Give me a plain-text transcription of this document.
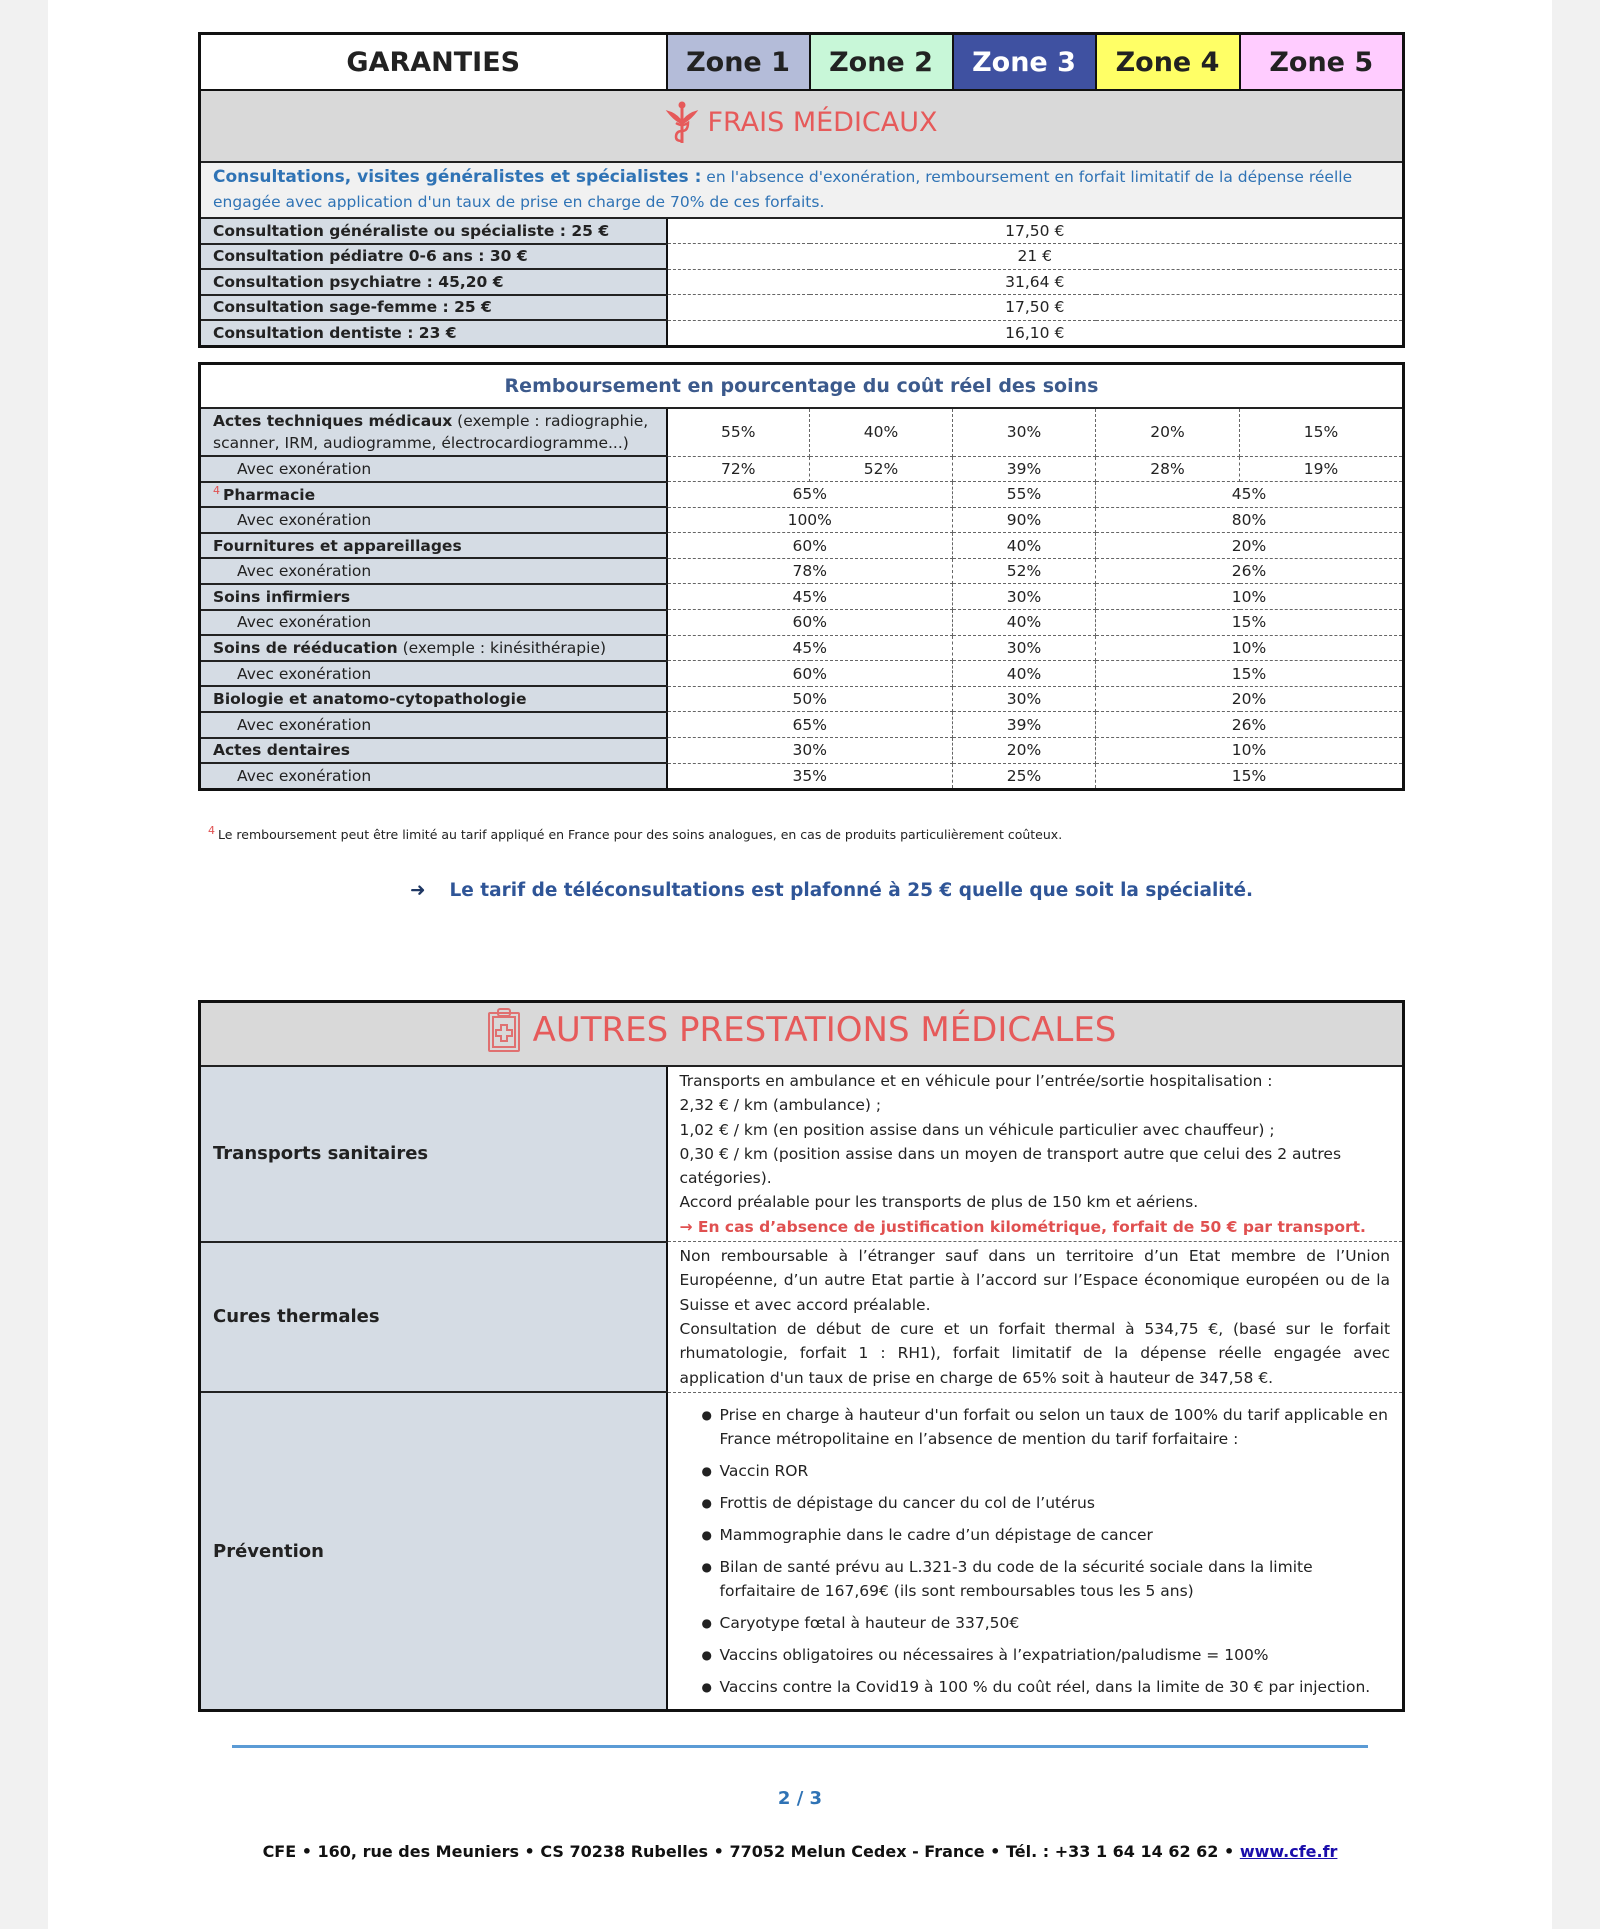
GARANTIES	Zone 1	Zone 2	Zone 3	Zone 4	Zone 5

FRAIS MÉDICAUX					

Consultations, visites généralistes et spécialistes : en l'absence d'exonération, remboursement en forfait limitatif de la dépense réelle engagée avec application d'un taux de prise en charge de 70% de ces forfaits.					
Consultation généraliste ou spécialiste : 25 €	17,50 €				
Consultation pédiatre 0-6 ans : 30 €	21 €				
Consultation psychiatre : 45,20 €	31,64 €				
Consultation sage-femme : 25 €	17,50 €				
Consultation dentiste : 23 €	16,10 €				
Remboursement en pourcentage du coût réel des soins					
Actes techniques médicaux (exemple : radiographie, scanner, IRM, audiogramme, électrocardiogramme...)	55%	40%	30%	20%	15%
Avec exonération	72%	52%	39%	28%	19%
$^4$ Pharmacie	65%		55%	45%	
Avec exonération	100%		90%	80%	
Fournitures et appareillages	60%		40%	20%	
Avec exonération	78%		52%	26%	
Soins infirmiers	45%		30%	10%	
Avec exonération	60%		40%	15%	
Soins de rééducation (exemple : kinésithérapie)	45%		30%	10%	
Avec exonération	60%		40%	15%	
Biologie et anatomo-cytopathologie	50%		30%	20%	
Avec exonération	65%		39%	26%	
Actes dentaires	30%		20%	10%	
Avec exonération	35%		25%	15%	
4 Le remboursement peut être limité au tarif appliqué en France pour des soins analogues, en cas de produits particulièrement coûteux.
➜ Le tarif de téléconsultations est plafonné à 25 € quelle que soit la spécialité.
AUTRES PRESTATIONS MÉDICALES	

Transports sanitaires	
Transports en ambulance et en véhicule pour l’entrée/sortie hospitalisation :
2,32 € / km (ambulance) ;
1,02 € / km (en position assise dans un véhicule particulier avec chauffeur) ;
0,30 € / km (position assise dans un moyen de transport autre que celui des 2 autres catégories).
Accord préalable pour les transports de plus de 150 km et aériens.
→ En cas d’absence de justification kilométrique, forfait de 50 € par transport.

Cures thermales	Non remboursable à l’étranger sauf dans un territoire d’un Etat membre de l’Union Européenne, d’un autre Etat partie à l’accord sur l’Espace économique européen ou de la Suisse et avec accord préalable.
Consultation de début de cure et un forfait thermal à 534,75 €, (basé sur le forfait rhumatologie, forfait 1 : RH1), forfait limitatif de la dépense réelle engagée avec application d'un taux de prise en charge de 65% soit à hauteur de 347,58 €.

Prévention	
● Prise en charge à hauteur d'un forfait ou selon un taux de 100% du tarif applicable en France métropolitaine en l’absence de mention du tarif forfaitaire :
● Vaccin ROR
● Frottis de dépistage du cancer du col de l’utérus
● Mammographie dans le cadre d’un dépistage de cancer
● Bilan de santé prévu au L.321-3 du code de la sécurité sociale dans la limite forfaitaire de 167,69€ (ils sont remboursables tous les 5 ans)
● Caryotype fœtal à hauteur de 337,50€
● Vaccins obligatoires ou nécessaires à l’expatriation/paludisme = 100%
● Vaccins contre la Covid19 à 100 % du coût réel, dans la limite de 30 € par injection.
2 / 3
CFE • 160, rue des Meuniers • CS 70238 Rubelles • 77052 Melun Cedex - France • Tél. : +33 1 64 14 62 62 • www.cfe.fr
